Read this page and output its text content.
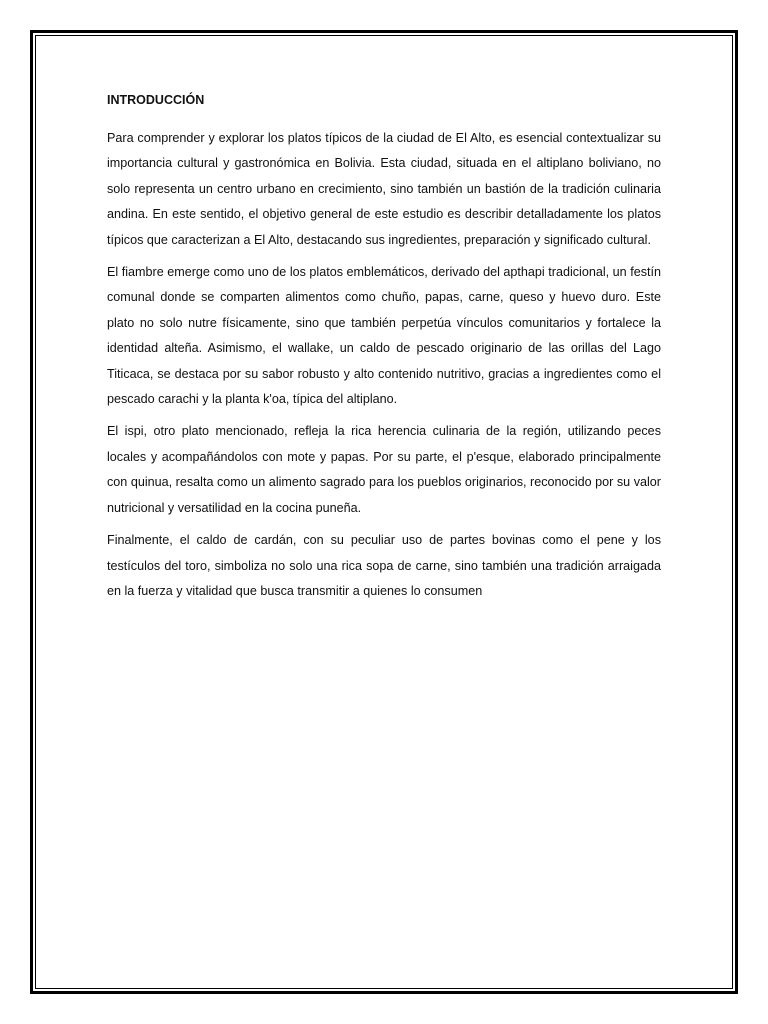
INTRODUCCIÓN

Para comprender y explorar los platos típicos de la ciudad de El Alto, es esencial contextualizar su importancia cultural y gastronómica en Bolivia. Esta ciudad, situada en el altiplano boliviano, no solo representa un centro urbano en crecimiento, sino también un bastión de la tradición culinaria andina. En este sentido, el objetivo general de este estudio es describir detalladamente los platos típicos que caracterizan a El Alto, destacando sus ingredientes, preparación y significado cultural.

El fiambre emerge como uno de los platos emblemáticos, derivado del apthapi tradicional, un festín comunal donde se comparten alimentos como chuño, papas, carne, queso y huevo duro. Este plato no solo nutre físicamente, sino que también perpetúa vínculos comunitarios y fortalece la identidad alteña. Asimismo, el wallake, un caldo de pescado originario de las orillas del Lago Titicaca, se destaca por su sabor robusto y alto contenido nutritivo, gracias a ingredientes como el pescado carachi y la planta k'oa, típica del altiplano.

El ispi, otro plato mencionado, refleja la rica herencia culinaria de la región, utilizando peces locales y acompañándolos con mote y papas. Por su parte, el p'esque, elaborado principalmente con quinua, resalta como un alimento sagrado para los pueblos originarios, reconocido por su valor nutricional y versatilidad en la cocina puneña.

Finalmente, el caldo de cardán, con su peculiar uso de partes bovinas como el pene y los testículos del toro, simboliza no solo una rica sopa de carne, sino también una tradición arraigada en la fuerza y vitalidad que busca transmitir a quienes lo consumen
